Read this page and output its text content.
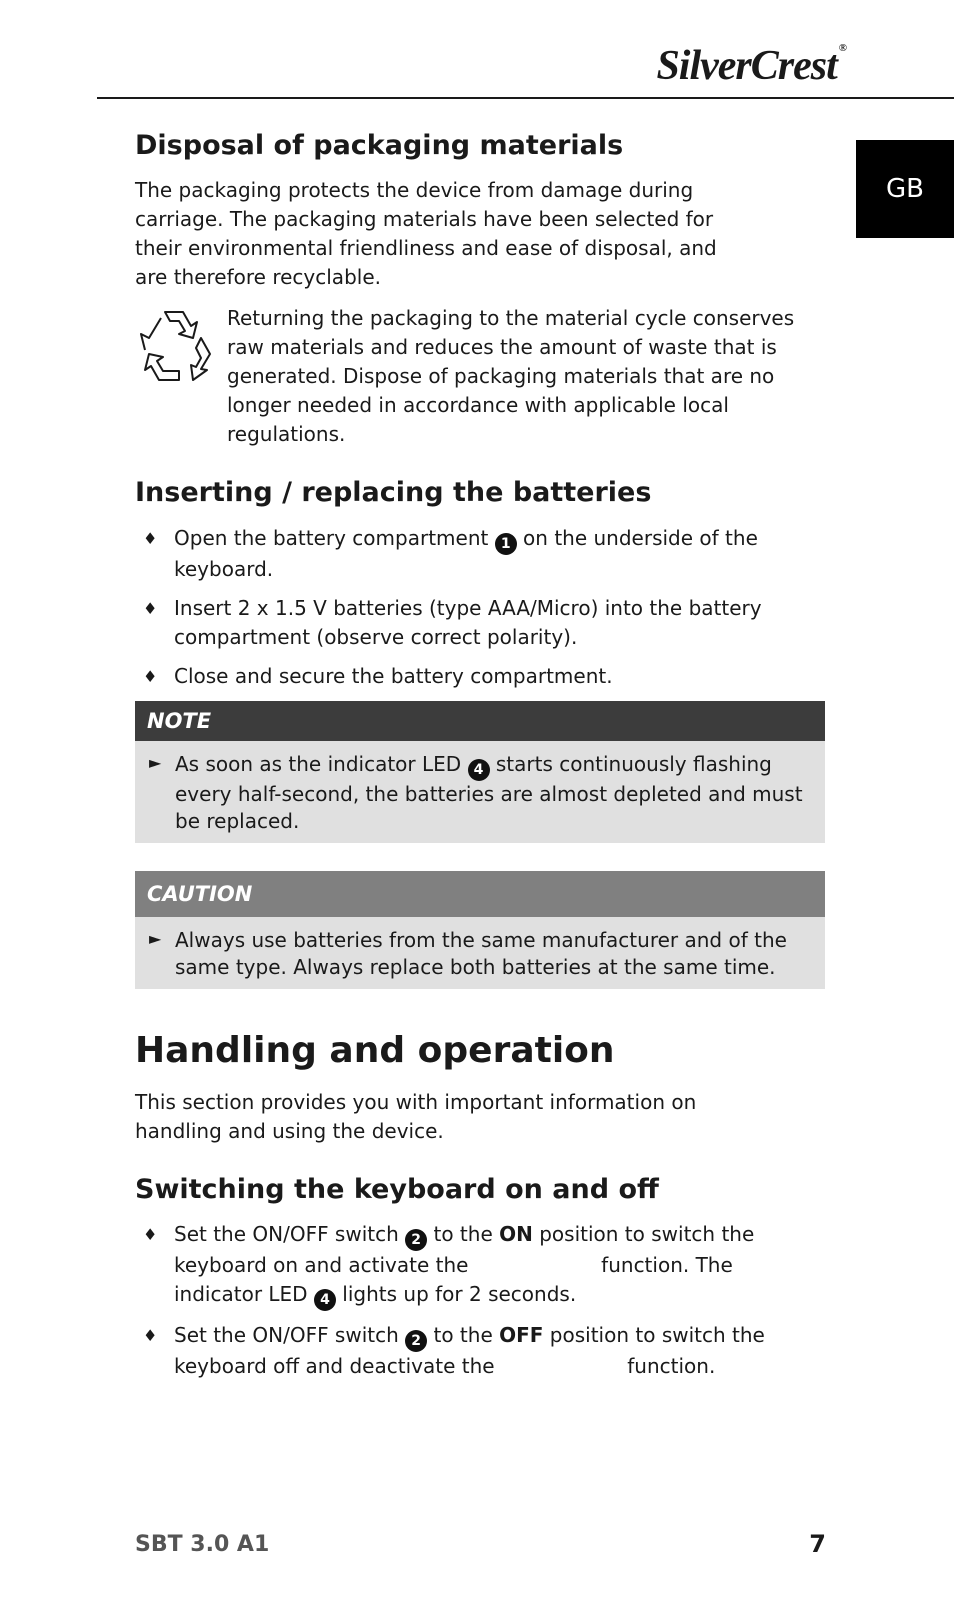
SilverCrest ®
GB
Disposal of packaging materials

The packaging protects the device from damage during carriage. The packaging materials have been selected for their environmental friendliness and ease of disposal, and are therefore recyclable.

Returning the packaging to the material cycle conserves raw materials and reduces the amount of waste that is generated. Dispose of packaging materials that are no longer needed in accordance with applicable local regulations.

Inserting / replacing the batteries
♦ Open the battery compartment 1 on the underside of the keyboard.
♦ Insert 2 x 1.5 V batteries (type AAA/Micro) into the battery compartment (observe correct polarity).
♦ Close and secure the battery compartment.
NOTE
► As soon as the indicator LED 4 starts continuously flashing every half-second, the batteries are almost depleted and must be replaced.

CAUTION
► Always use batteries from the same manufacturer and of the same type. Always replace both batteries at the same time.

Handling and operation

This section provides you with important information on handling and using the device.

Switching the keyboard on and off
♦ Set the ON/OFF switch 2 to the ON position to switch the keyboard on and activate the	function. The indicator LED 4 lights up for 2 seconds.
♦ Set the ON/OFF switch 2 to the OFF position to switch the keyboard off and deactivate the	function.
SBT 3.0 A1	7
